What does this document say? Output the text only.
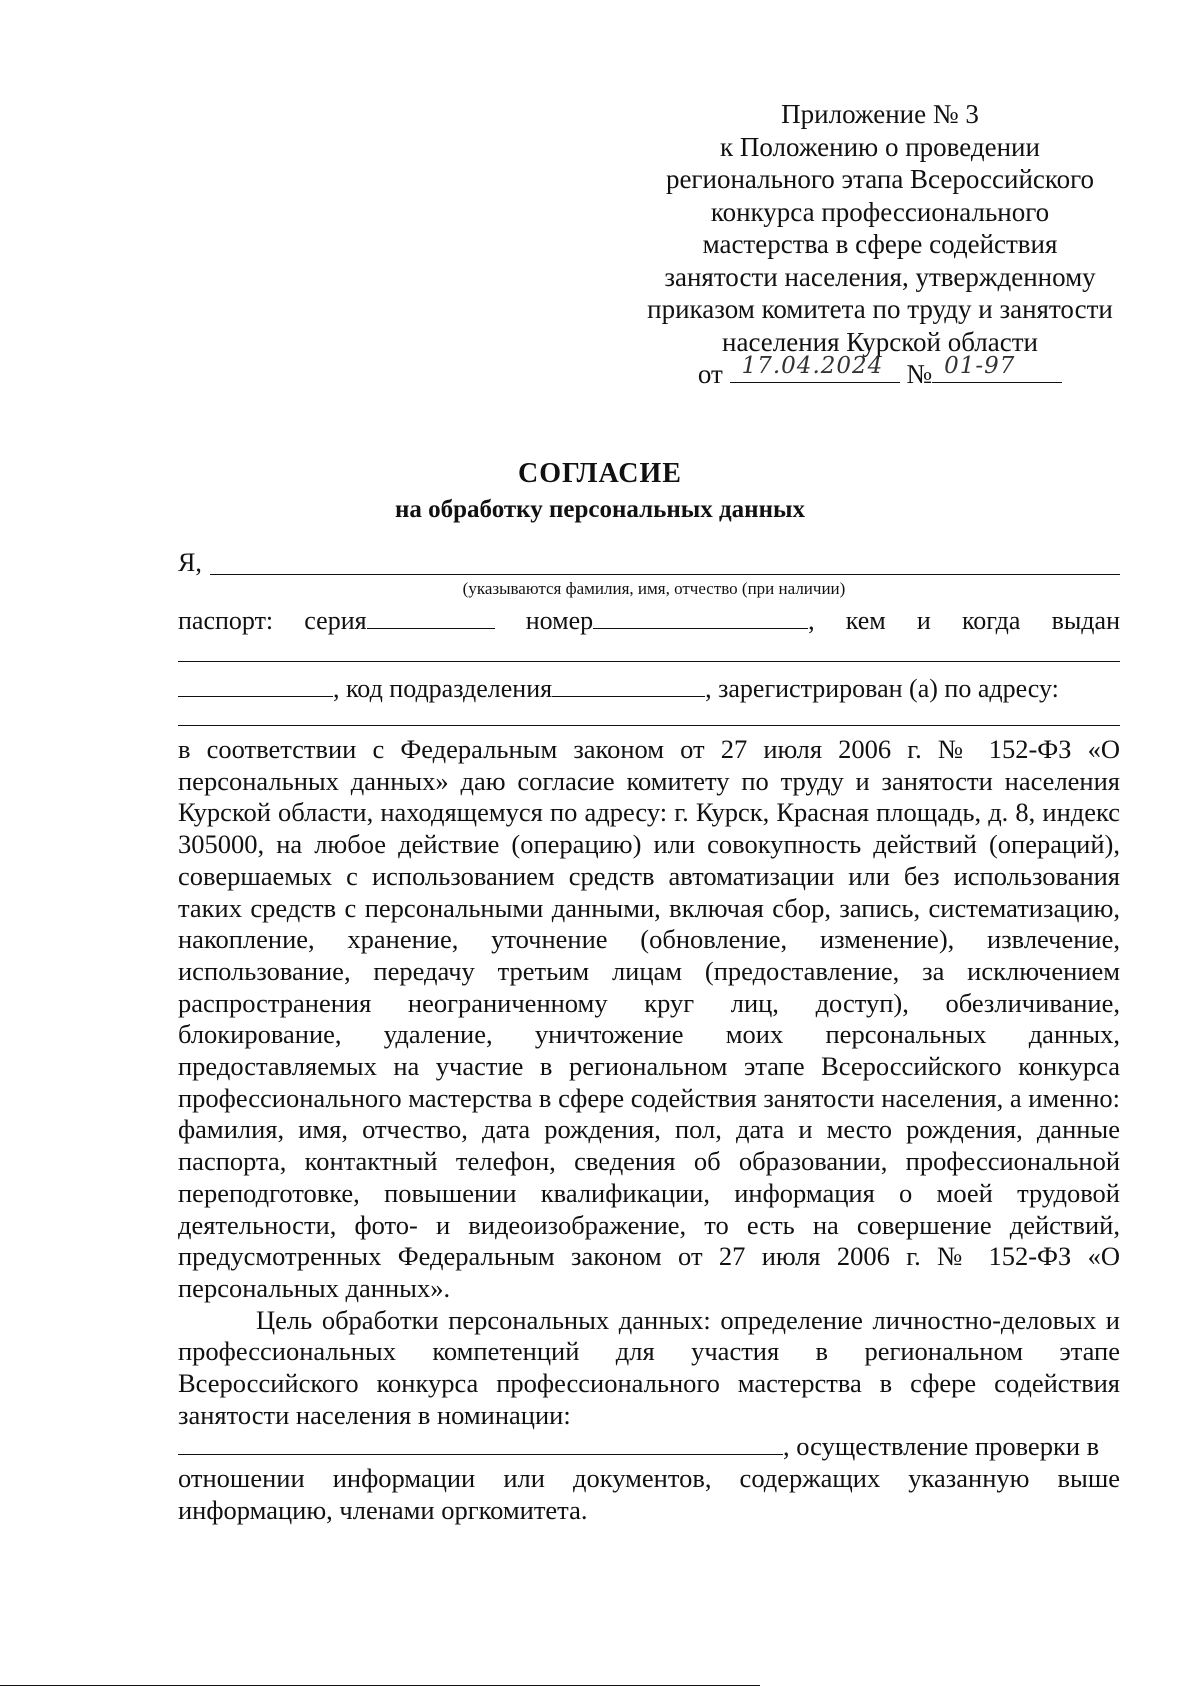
Приложение № 3
к Положению о проведении
регионального этапа Всероссийского
конкурса профессионального
мастерства в сфере содействия
занятости населения, утвержденному
приказом комитета по труду и занятости
населения Курской области
от 17.04.2024 № 01-97
СОГЛАСИЕ
на обработку персональных данных
Я,
(указываются фамилия, имя, отчество (при наличии)
паспорт: серия	номер	, кем и когда выдан
, код подразделения	, зарегистрирован (а) по адресу:

в соответствии с Федеральным законом от 27 июля 2006 г. № 152-ФЗ «О персональных данных» даю согласие комитету по труду и занятости населения Курской области, находящемуся по адресу: г. Курск, Красная площадь, д. 8, индекс 305000, на любое действие (операцию) или совокупность действий (операций), совершаемых с использованием средств автоматизации или без использования таких средств с персональными данными, включая сбор, запись, систематизацию, накопление, хранение, уточнение (обновление, изменение), извлечение, использование, передачу третьим лицам (предоставление, за исключением распространения неограниченному круг лиц, доступ), обезличивание, блокирование, удаление, уничтожение моих персональных данных, предоставляемых на участие в региональном этапе Всероссийского конкурса профессионального мастерства в сфере содействия занятости населения, а именно: фамилия, имя, отчество, дата рождения, пол, дата и место рождения, данные паспорта, контактный телефон, сведения об образовании, профессиональной переподготовке, повышении квалификации, информация о моей трудовой деятельности, фото- и видеоизображение, то есть на совершение действий, предусмотренных Федеральным законом от 27 июля 2006 г. № 152-ФЗ «О персональных данных».

Цель обработки персональных данных: определение личностно-деловых и профессиональных компетенций для участия в региональном этапе Всероссийского конкурса профессионального мастерства в сфере содействия занятости населения в номинации:

, осуществление проверки в

отношении информации или документов, содержащих указанную выше информацию, членами оргкомитета.
